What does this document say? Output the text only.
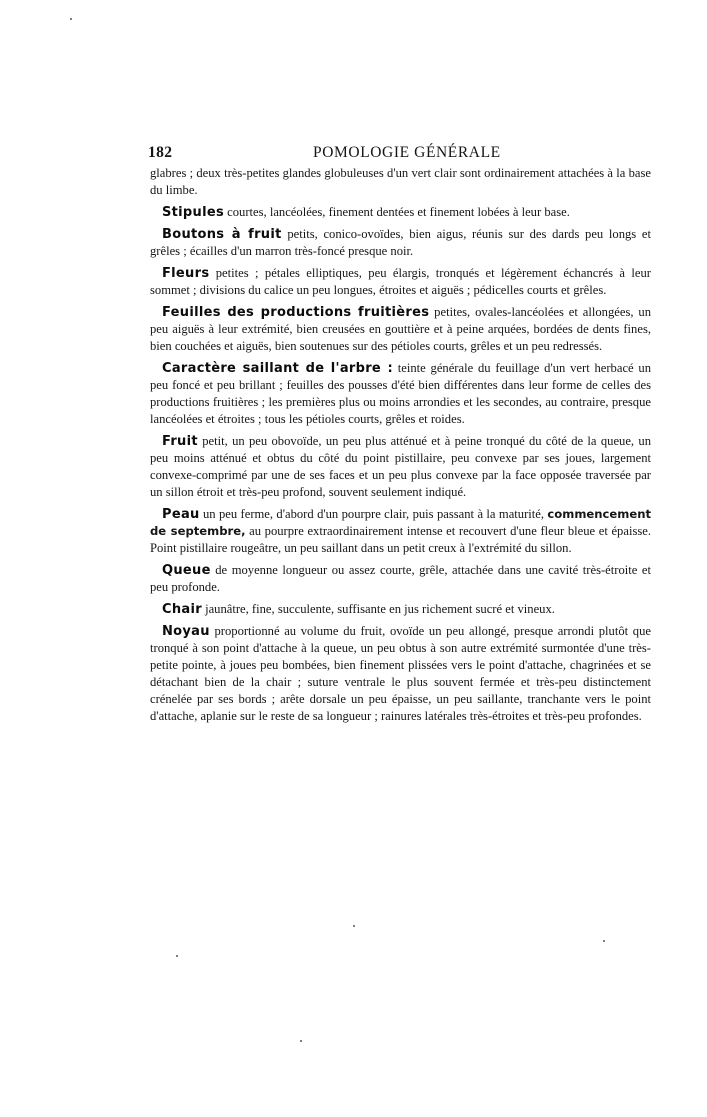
182	POMOLOGIE GÉNÉRALE

glabres ; deux très-petites glandes globuleuses d'un vert clair sont ordinairement attachées à la base du limbe.

Stipules courtes, lancéolées, finement dentées et finement lobées à leur base.

Boutons à fruit petits, conico-ovoïdes, bien aigus, réunis sur des dards peu longs et grêles ; écailles d'un marron très-foncé presque noir.

Fleurs petites ; pétales elliptiques, peu élargis, tronqués et légèrement échancrés à leur sommet ; divisions du calice un peu longues, étroites et aiguës ; pédicelles courts et grêles.

Feuilles des productions fruitières petites, ovales-lancéolées et allongées, un peu aiguës à leur extrémité, bien creusées en gouttière et à peine arquées, bordées de dents fines, bien couchées et aiguës, bien soutenues sur des pétioles courts, grêles et un peu redressés.

Caractère saillant de l'arbre : teinte générale du feuillage d'un vert herbacé un peu foncé et peu brillant ; feuilles des pousses d'été bien différentes dans leur forme de celles des productions fruitières ; les premières plus ou moins arrondies et les secondes, au contraire, presque lancéolées et étroites ; tous les pétioles courts, grêles et roides.

Fruit petit, un peu obovoïde, un peu plus atténué et à peine tronqué du côté de la queue, un peu moins atténué et obtus du côté du point pistillaire, peu convexe par ses joues, largement convexe-comprimé par une de ses faces et un peu plus convexe par la face opposée traversée par un sillon étroit et très-peu profond, souvent seulement indiqué.

Peau un peu ferme, d'abord d'un pourpre clair, puis passant à la maturité, commencement de septembre, au pourpre extraordinairement intense et recouvert d'une fleur bleue et épaisse. Point pistillaire rougeâtre, un peu saillant dans un petit creux à l'extrémité du sillon.

Queue de moyenne longueur ou assez courte, grêle, attachée dans une cavité très-étroite et peu profonde.

Chair jaunâtre, fine, succulente, suffisante en jus richement sucré et vineux.

Noyau proportionné au volume du fruit, ovoïde un peu allongé, presque arrondi plutôt que tronqué à son point d'attache à la queue, un peu obtus à son autre extrémité surmontée d'une très-petite pointe, à joues peu bombées, bien finement plissées vers le point d'attache, chagrinées et se détachant bien de la chair ; suture ventrale le plus souvent fermée et très-peu distinctement crénelée par ses bords ; arête dorsale un peu épaisse, un peu saillante, tranchante vers le point d'attache, aplanie sur le reste de sa longueur ; rainures latérales très-étroites et très-peu profondes.
